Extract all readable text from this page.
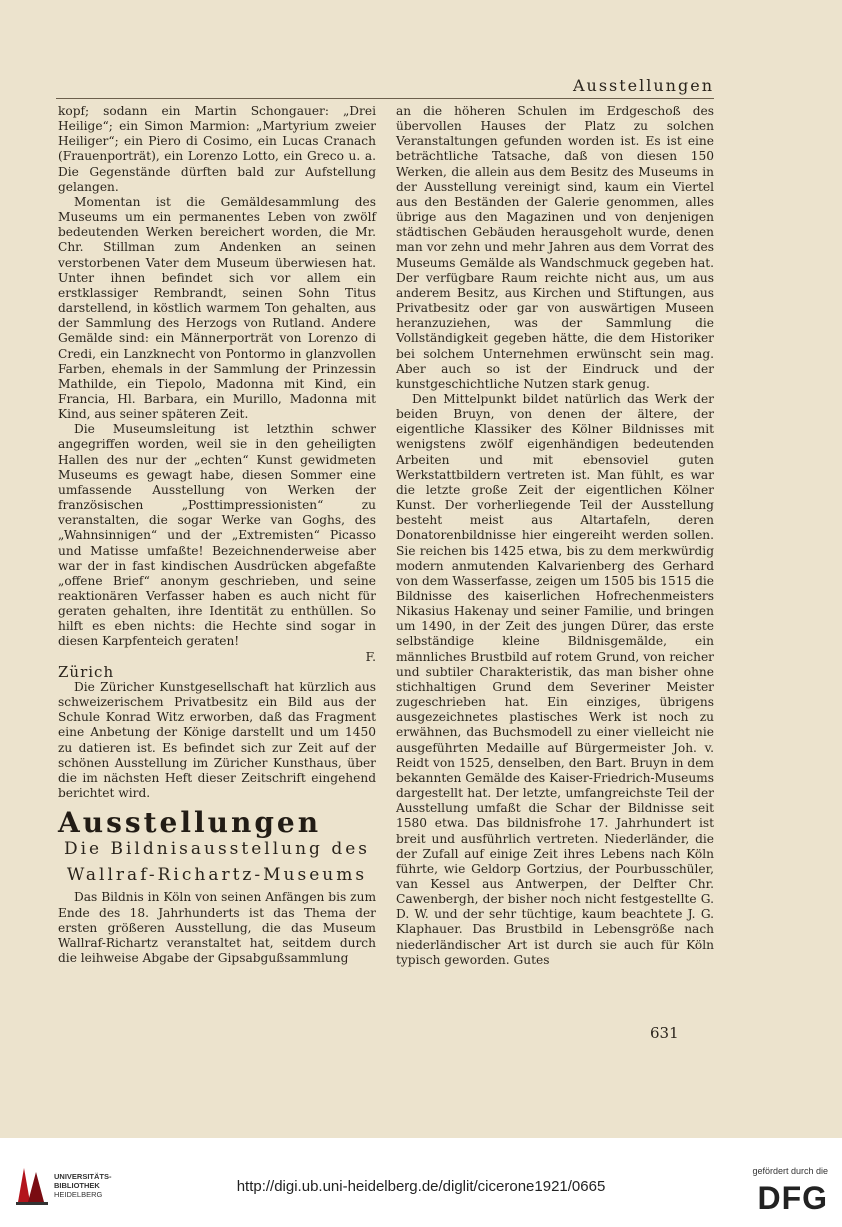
Ausstellungen

kopf; sodann ein Martin Schongauer: „Drei Heilige“; ein Simon Marmion: „Martyrium zweier Heiliger“; ein Piero di Cosimo, ein Lucas Cranach (Frauenporträt), ein Lorenzo Lotto, ein Greco u. a. Die Gegenstände dürften bald zur Aufstellung gelangen.

Momentan ist die Gemäldesammlung des Museums um ein permanentes Leben von zwölf bedeutenden Werken bereichert worden, die Mr. Chr. Stillman zum Andenken an seinen verstorbenen Vater dem Museum überwiesen hat. Unter ihnen befindet sich vor allem ein erstklassiger Rembrandt, seinen Sohn Titus darstellend, in köstlich warmem Ton gehalten, aus der Sammlung des Herzogs von Rutland. Andere Gemälde sind: ein Männerporträt von Lorenzo di Credi, ein Lanzknecht von Pontormo in glanzvollen Farben, ehemals in der Sammlung der Prinzessin Mathilde, ein Tiepolo, Madonna mit Kind, ein Francia, Hl. Barbara, ein Murillo, Madonna mit Kind, aus seiner späteren Zeit.

Die Museumsleitung ist letzthin schwer angegriffen worden, weil sie in den geheiligten Hallen des nur der „echten“ Kunst gewidmeten Museums es gewagt habe, diesen Sommer eine umfassende Ausstellung von Werken der französischen „Posttimpressionisten“ zu veranstalten, die sogar Werke van Goghs, des „Wahnsinnigen“ und der „Extremisten“ Picasso und Matisse umfaßte! Bezeichnenderweise aber war der in fast kindischen Ausdrücken abgefaßte „offene Brief“ anonym geschrieben, und seine reaktionären Verfasser haben es auch nicht für geraten gehalten, ihre Identität zu enthüllen. So hilft es eben nichts: die Hechte sind sogar in diesen Karpfenteich geraten!

F.

Zürich

Die Züricher Kunstgesellschaft hat kürzlich aus schweizerischem Privatbesitz ein Bild aus der Schule Konrad Witz erworben, daß das Fragment eine Anbetung der Könige darstellt und um 1450 zu datieren ist. Es befindet sich zur Zeit auf der schönen Ausstellung im Züricher Kunsthaus, über die im nächsten Heft dieser Zeitschrift eingehend berichtet wird.

Ausstellungen
Die Bildnisausstellung des
Wallraf-Richartz-Museums

Das Bildnis in Köln von seinen Anfängen bis zum Ende des 18. Jahrhunderts ist das Thema der ersten größeren Ausstellung, die das Museum Wallraf-Richartz veranstaltet hat, seitdem durch die leihweise Abgabe der Gipsabgußsammlung

an die höheren Schulen im Erdgeschoß des übervollen Hauses der Platz zu solchen Veranstaltungen gefunden worden ist. Es ist eine beträchtliche Tatsache, daß von diesen 150 Werken, die allein aus dem Besitz des Museums in der Ausstellung vereinigt sind, kaum ein Viertel aus den Beständen der Galerie genommen, alles übrige aus den Magazinen und von denjenigen städtischen Gebäuden herausgeholt wurde, denen man vor zehn und mehr Jahren aus dem Vorrat des Museums Gemälde als Wandschmuck gegeben hat. Der verfügbare Raum reichte nicht aus, um aus anderem Besitz, aus Kirchen und Stiftungen, aus Privatbesitz oder gar von auswärtigen Museen heranzuziehen, was der Sammlung die Vollständigkeit gegeben hätte, die dem Historiker bei solchem Unternehmen erwünscht sein mag. Aber auch so ist der Eindruck und der kunstgeschichtliche Nutzen stark genug.

Den Mittelpunkt bildet natürlich das Werk der beiden Bruyn, von denen der ältere, der eigentliche Klassiker des Kölner Bildnisses mit wenigstens zwölf eigenhändigen bedeutenden Arbeiten und mit ebensoviel guten Werkstattbildern vertreten ist. Man fühlt, es war die letzte große Zeit der eigentlichen Kölner Kunst. Der vorherliegende Teil der Ausstellung besteht meist aus Altartafeln, deren Donatorenbildnisse hier eingereiht werden sollen. Sie reichen bis 1425 etwa, bis zu dem merkwürdig modern anmutenden Kalvarienberg des Gerhard von dem Wasserfasse, zeigen um 1505 bis 1515 die Bildnisse des kaiserlichen Hofrechenmeisters Nikasius Hakenay und seiner Familie, und bringen um 1490, in der Zeit des jungen Dürer, das erste selbständige kleine Bildnisgemälde, ein männliches Brustbild auf rotem Grund, von reicher und subtiler Charakteristik, das man bisher ohne stichhaltigen Grund dem Severiner Meister zugeschrieben hat. Ein einziges, übrigens ausgezeichnetes plastisches Werk ist noch zu erwähnen, das Buchsmodell zu einer vielleicht nie ausgeführten Medaille auf Bürgermeister Joh. v. Reidt von 1525, denselben, den Bart. Bruyn in dem bekannten Gemälde des Kaiser-Friedrich-Museums dargestellt hat. Der letzte, umfangreichste Teil der Ausstellung umfaßt die Schar der Bildnisse seit 1580 etwa. Das bildnisfrohe 17. Jahrhundert ist breit und ausführlich vertreten. Niederländer, die der Zufall auf einige Zeit ihres Lebens nach Köln führte, wie Geldorp Gortzius, der Pourbusschüler, van Kessel aus Antwerpen, der Delfter Chr. Cawenbergh, der bisher noch nicht festgestellte G. D. W. und der sehr tüchtige, kaum beachtete J. G. Klaphauer. Das Brustbild in Lebensgröße nach niederländischer Art ist durch sie auch für Köln typisch geworden. Gutes

631
UNIVERSITÄTS-
BIBLIOTHEK
HEIDELBERG	http://digi.ub.uni-heidelberg.de/diglit/cicerone1921/0665
gefördert durch die
DFG
